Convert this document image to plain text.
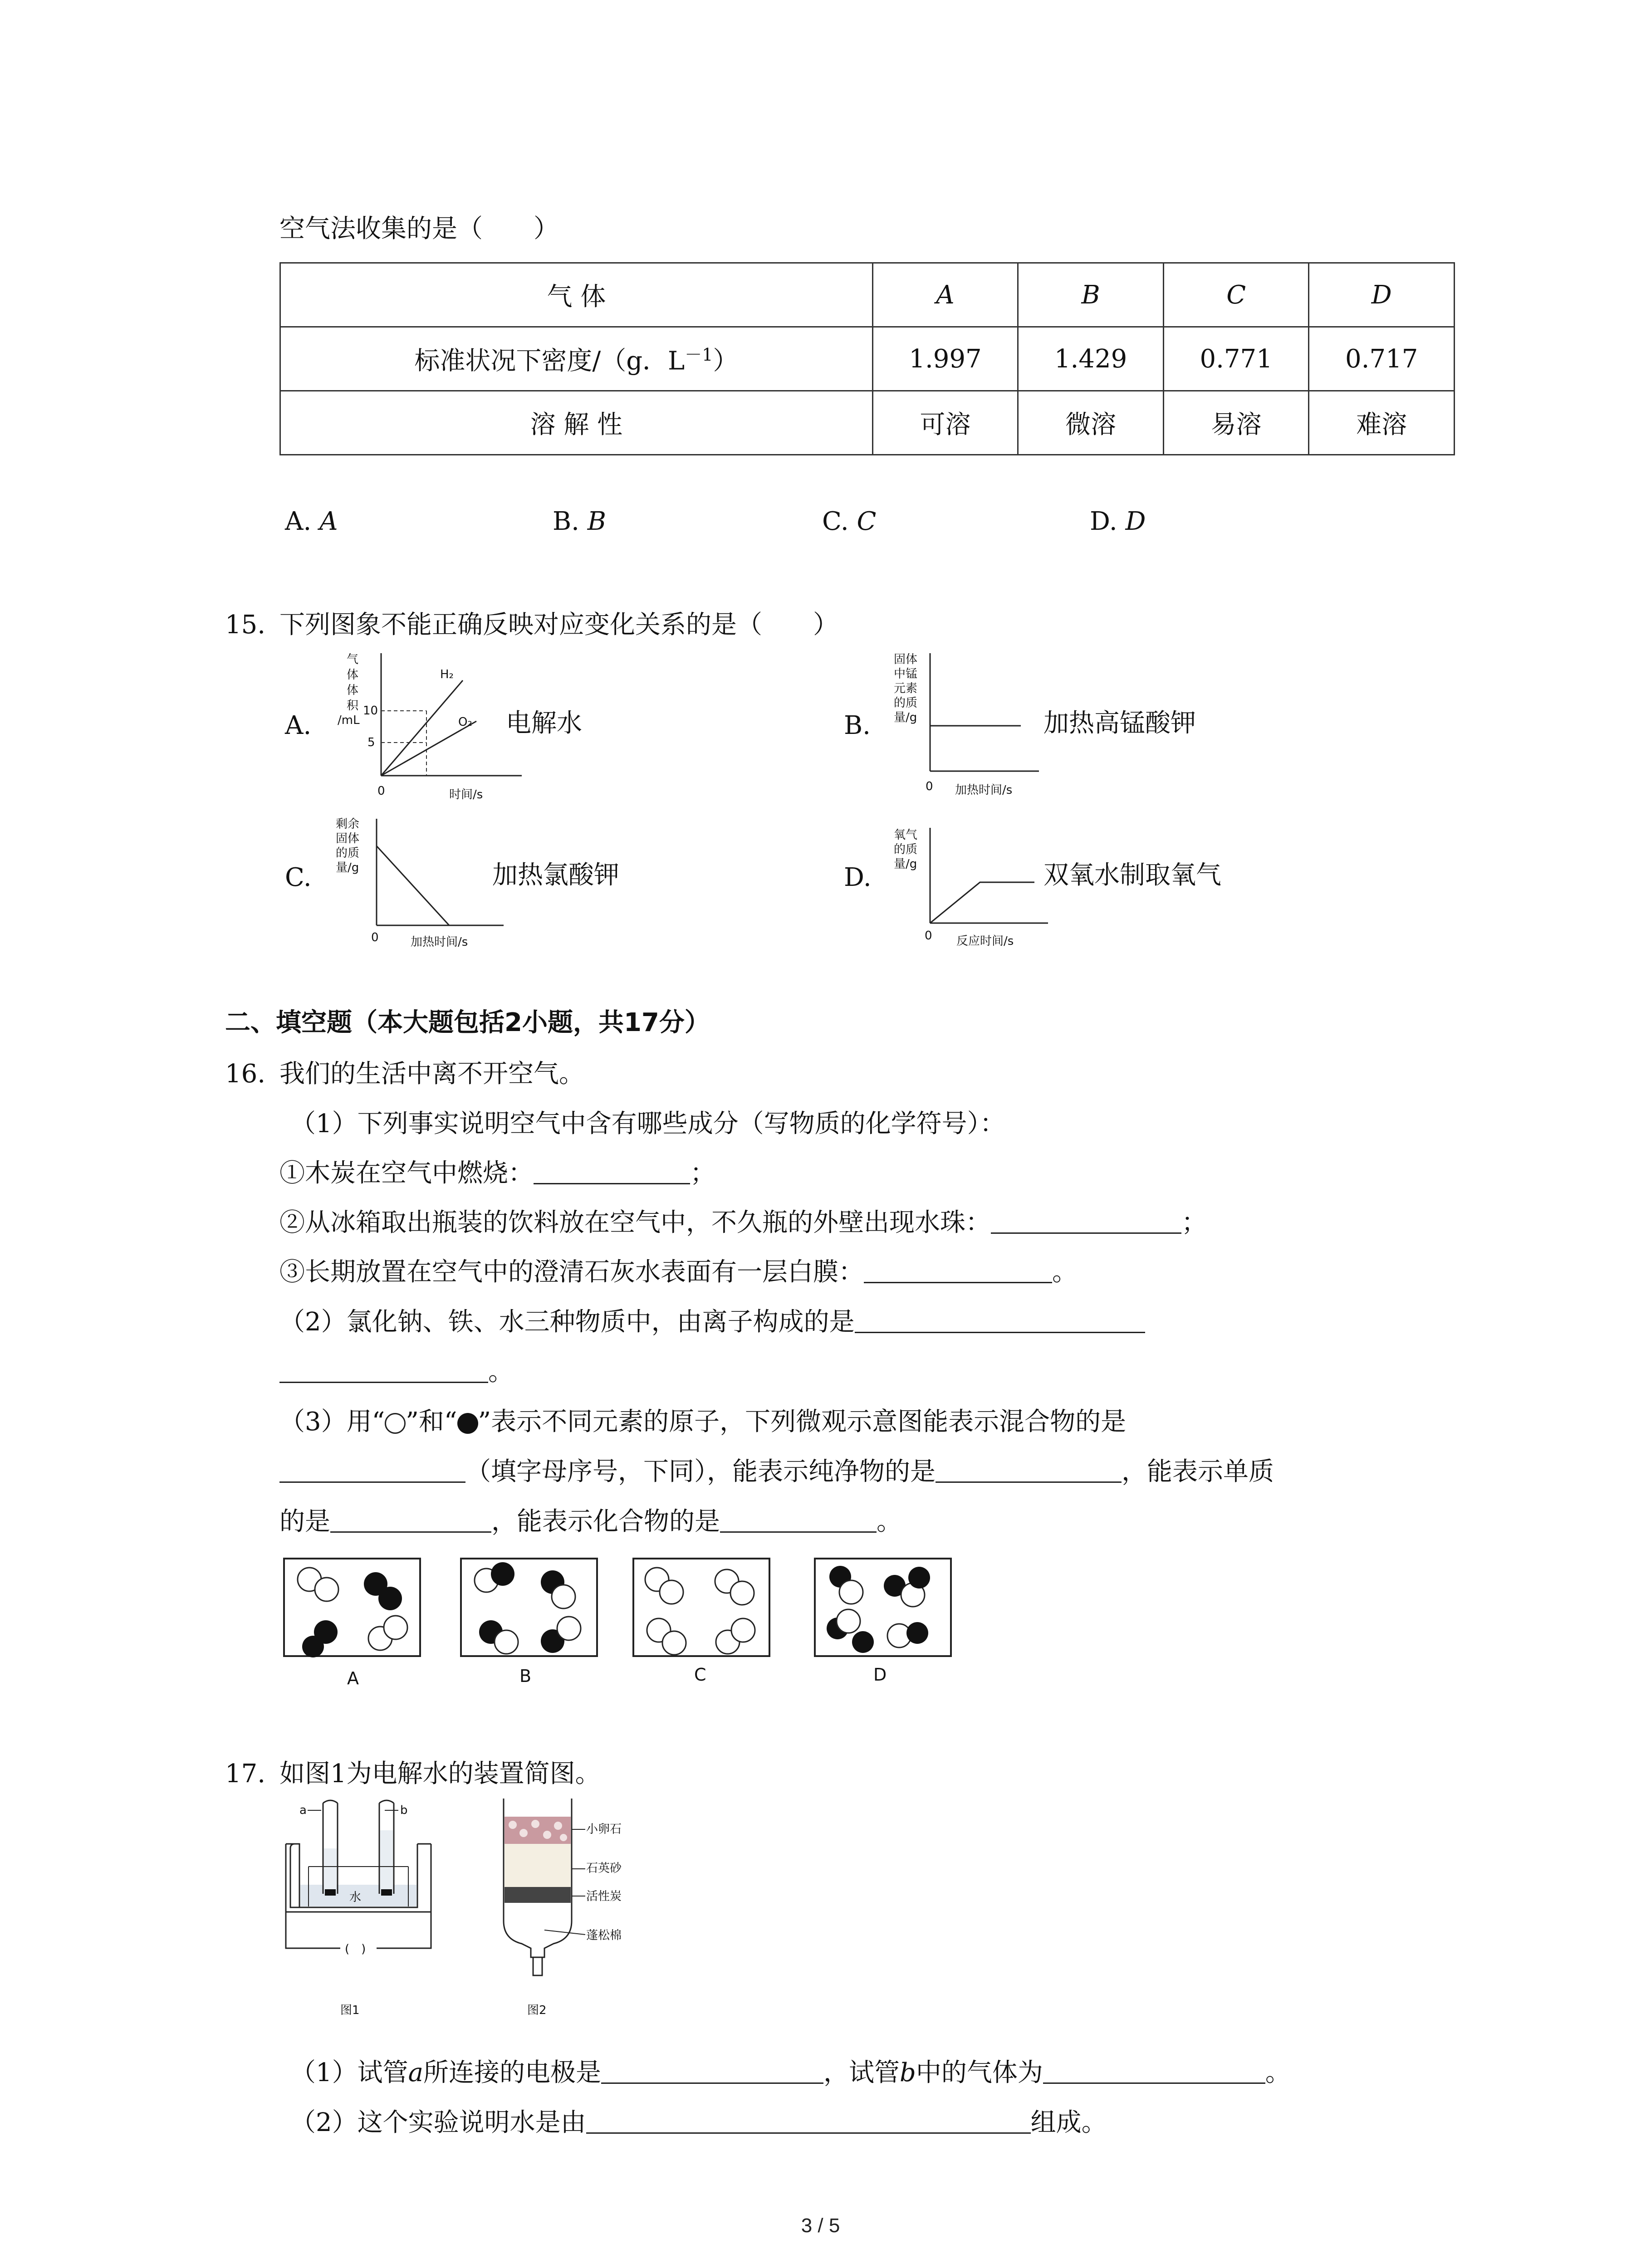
空气法收集的是（　　）
气 体	A	B	C	D
标准状况下密度/（g．$L^{-1}$）	1.997	1.429	0.771	0.717
溶 解 性	可溶	微溶	易溶	难溶
A. A	B. B	C. C	D. D
15. 下列图象不能正确反映对应变化关系的是（　　）
A.
气
体
体
积
/mL
10
5
H₂
O₂
0	时间/s
电解水	B.
固体
中锰
元素
的质
量/g
0 加热时间/s
加热高锰酸钾
C.
剩余
固体
的质
量/g
0	加热时间/s
加热氯酸钾	D.
氧气
的质
量/g
0 反应时间/s
双氧水制取氧气
二、填空题（本大题包括2小题，共17分）
16. 我们的生活中离不开空气。
（1）下列事实说明空气中含有哪些成分（写物质的化学符号）：
①木炭在空气中燃烧：	；
②从冰箱取出瓶装的饮料放在空气中，不久瓶的外壁出现水珠：	；
③长期放置在空气中的澄清石灰水表面有一层白膜：	。
（2）氯化钠、铁、水三种物质中，由离子构成的是
。
（3）用“ ”和“ ”表示不同元素的原子，下列微观示意图能表示混合物的是
（填字母序号，下同），能表示纯净物的是	，能表示单质
的是	，能表示化合物的是	。
A	B	C	D
17. 如图1为电解水的装置简图。
a	b
水
(　)
图1
小卵石
石英砂
活性炭
蓬松棉
图2
（1）试管a所连接的电极是	，试管b中的气体为	。
（2）这个实验说明水是由	组成。
3 / 5
